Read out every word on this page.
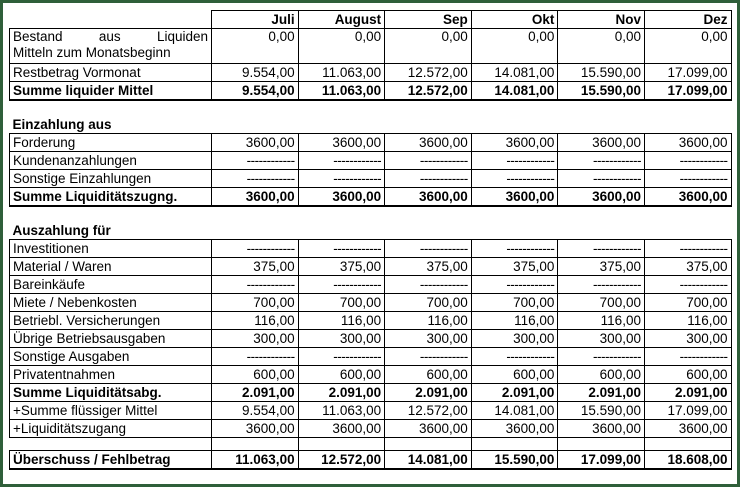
	Juli	August	Sep	Okt	Nov	Dez

Bestand aus Liquiden
Mitteln zum Monatsbeginn	0,00	0,00	0,00	0,00	0,00	0,00
Restbetrag Vormonat	9.554,00	11.063,00	12.572,00	14.081,00	15.590,00	17.099,00
Summe liquider Mittel	9.554,00	11.063,00	12.572,00	14.081,00	15.590,00	17.099,00

Einzahlung aus						
Forderung	3600,00	3600,00	3600,00	3600,00	3600,00	3600,00
Kundenanzahlungen	------------	------------	------------	------------	------------	------------
Sonstige Einzahlungen	------------	------------	------------	------------	------------	------------
Summe Liquiditätszugng.	3600,00	3600,00	3600,00	3600,00	3600,00	3600,00

Auszahlung für						
Investitionen	------------	------------	------------	------------	------------	------------
Material / Waren	375,00	375,00	375,00	375,00	375,00	375,00
Bareinkäufe	------------	------------	------------	------------	------------	------------
Miete / Nebenkosten	700,00	700,00	700,00	700,00	700,00	700,00
Betriebl. Versicherungen	116,00	116,00	116,00	116,00	116,00	116,00
Übrige Betriebsausgaben	300,00	300,00	300,00	300,00	300,00	300,00
Sonstige Ausgaben	------------	------------	------------	------------	------------	------------
Privatentnahmen	600,00	600,00	600,00	600,00	600,00	600,00
Summe Liquiditätsabg.	2.091,00	2.091,00	2.091,00	2.091,00	2.091,00	2.091,00
+Summe flüssiger Mittel	9.554,00	11.063,00	12.572,00	14.081,00	15.590,00	17.099,00
+Liquiditätszugang	3600,00	3600,00	3600,00	3600,00	3600,00	3600,00

Überschuss / Fehlbetrag	11.063,00	12.572,00	14.081,00	15.590,00	17.099,00	18.608,00
